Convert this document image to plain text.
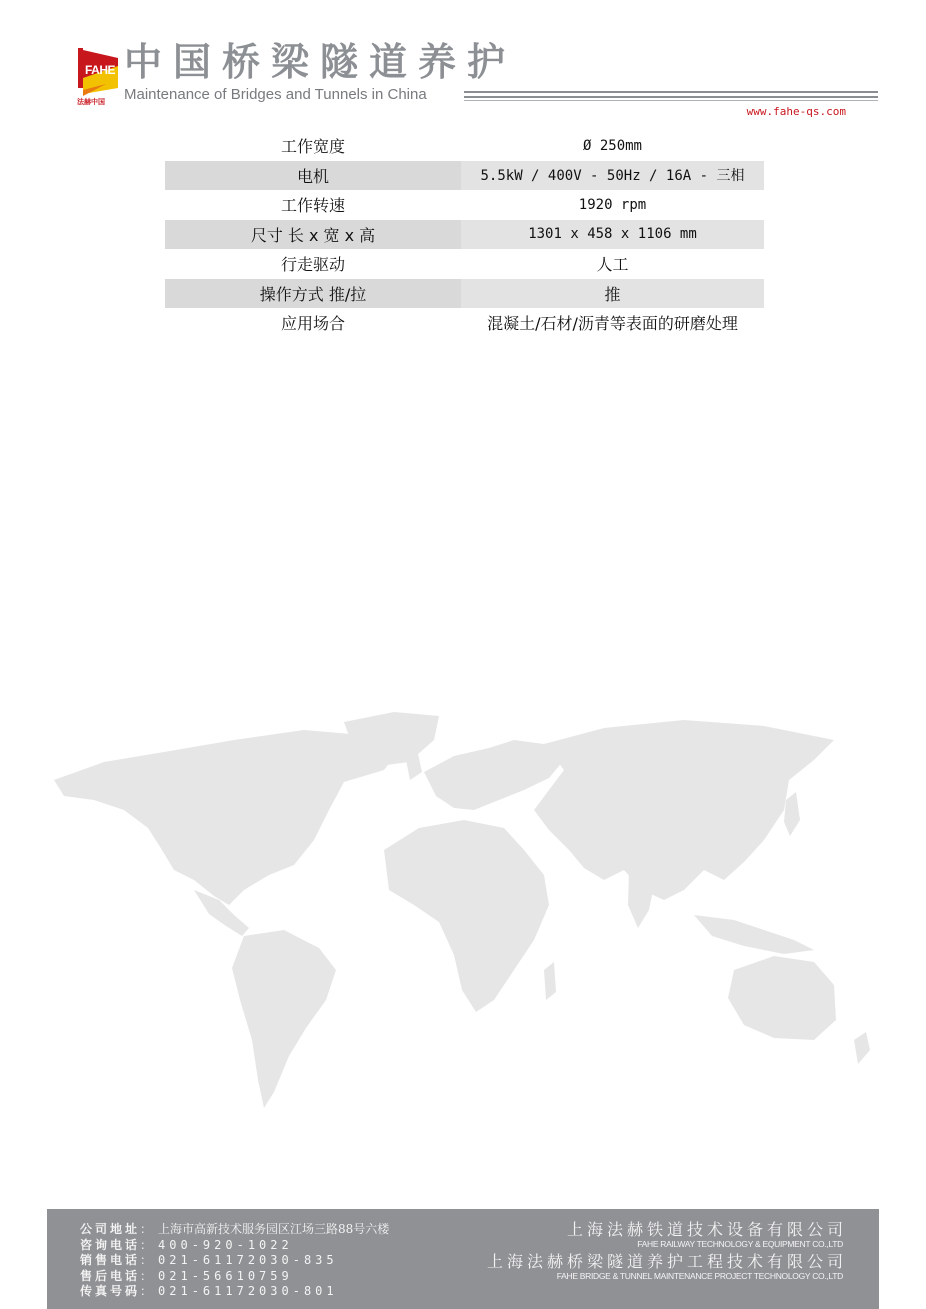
FAHE
法赫中国
中国桥梁隧道养护
Maintenance of Bridges and Tunnels in China
www.fahe-qs.com
工作宽度	Ø 250mm
电机	5.5kW / 400V - 50Hz / 16A - 三相
工作转速	1920 rpm
尺寸 长 x 宽 x 高	1301 x 458 x 1106 mm
行走驱动	人工
操作方式 推/拉	推
应用场合	混凝土/石材/沥青等表面的研磨处理
公司地址： 上海市高新技术服务园区江场三路88号六楼
咨询电话： 400-920-1022
销售电话： 021-61172030-835
售后电话： 021-56610759
传真号码： 021-61172030-801
上海法赫铁道技术设备有限公司
FAHE RAILWAY TECHNOLOGY & EQUIPMENT CO.,LTD
上海法赫桥梁隧道养护工程技术有限公司
FAHE BRIDGE & TUNNEL MAINTENANCE PROJECT TECHNOLOGY CO.,LTD
